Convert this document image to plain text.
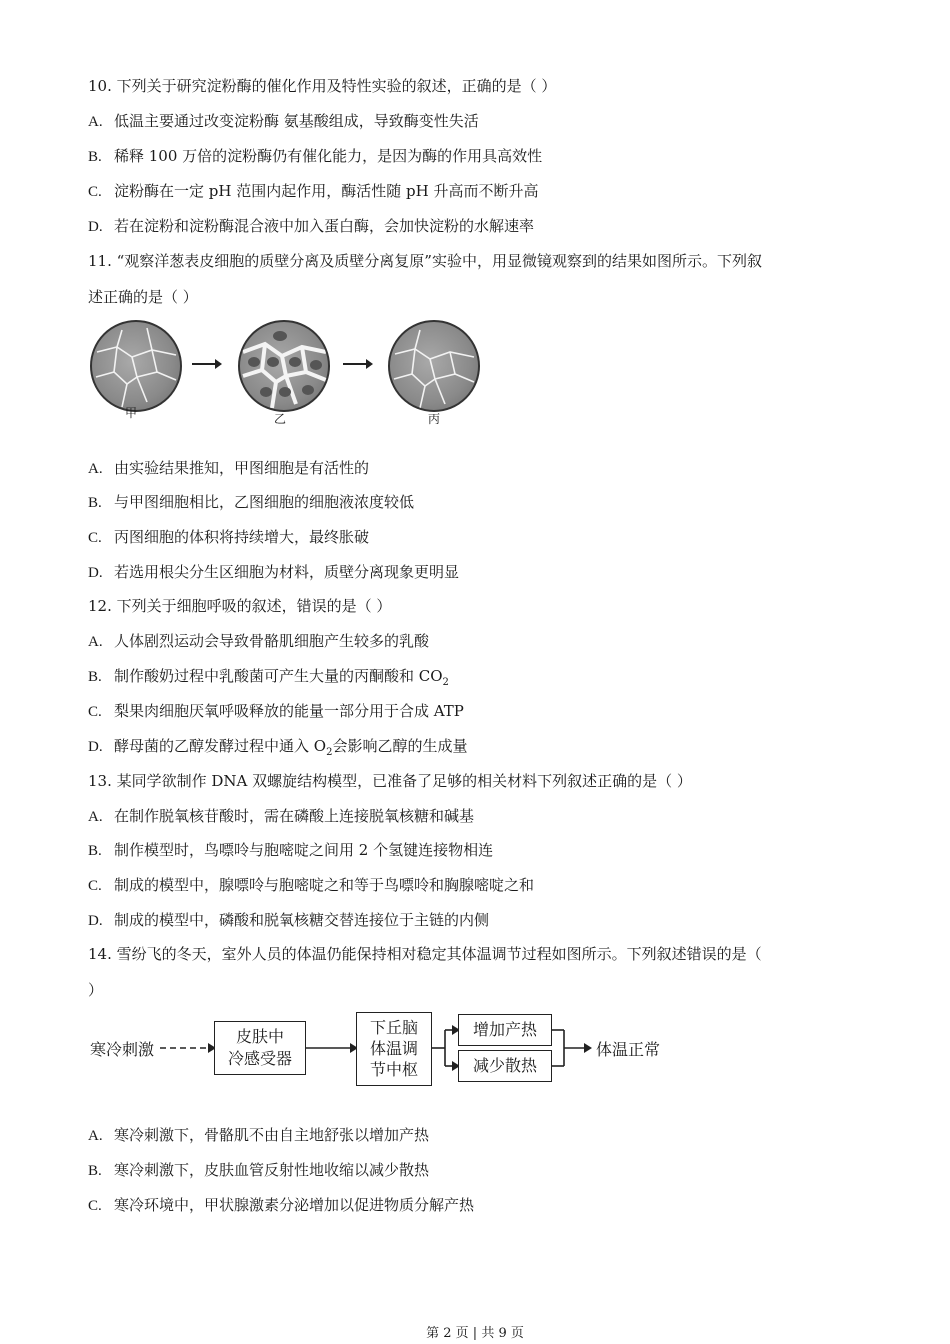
10. 下列关于研究淀粉酶的催化作用及特性实验的叙述，正确的是（ ）
A. 低温主要通过改变淀粉酶 氨基酸组成，导致酶变性失活
B. 稀释 100 万倍的淀粉酶仍有催化能力，是因为酶的作用具高效性
C. 淀粉酶在一定 pH 范围内起作用，酶活性随 pH 升高而不断升高
D. 若在淀粉和淀粉酶混合液中加入蛋白酶，会加快淀粉的水解速率
11. “观察洋葱表皮细胞的质壁分离及质壁分离复原”实验中，用显微镜观察到的结果如图所示。下列叙
述正确的是（ ）
甲	乙	丙
A. 由实验结果推知，甲图细胞是有活性的
B. 与甲图细胞相比，乙图细胞的细胞液浓度较低
C. 丙图细胞的体积将持续增大，最终胀破
D. 若选用根尖分生区细胞为材料，质壁分离现象更明显
12. 下列关于细胞呼吸的叙述，错误的是（ ）
A. 人体剧烈运动会导致骨骼肌细胞产生较多的乳酸
B. 制作酸奶过程中乳酸菌可产生大量的丙酮酸和 $CO_2$
C. 梨果肉细胞厌氧呼吸释放的能量一部分用于合成 ATP
D. 酵母菌的乙醇发酵过程中通入 $O_2$会影响乙醇的生成量
13. 某同学欲制作 DNA 双螺旋结构模型，已准备了足够的相关材料下列叙述正确的是（ ）
A. 在制作脱氧核苷酸时，需在磷酸上连接脱氧核糖和碱基
B. 制作模型时，鸟嘌呤与胞嘧啶之间用 2 个氢键连接物相连
C. 制成的模型中，腺嘌呤与胞嘧啶之和等于鸟嘌呤和胸腺嘧啶之和
D. 制成的模型中，磷酸和脱氧核糖交替连接位于主链的内侧
14. 雪纷飞的冬天，室外人员的体温仍能保持相对稳定其体温调节过程如图所示。下列叙述错误的是（
）
寒冷刺激
皮肤中
冷感受器
下丘脑
体温调
节中枢
增加产热
减少散热
体温正常
A. 寒冷刺激下，骨骼肌不由自主地舒张以增加产热
B. 寒冷刺激下，皮肤血管反射性地收缩以减少散热
C. 寒冷环境中，甲状腺激素分泌增加以促进物质分解产热
第 2 页 | 共 9 页
